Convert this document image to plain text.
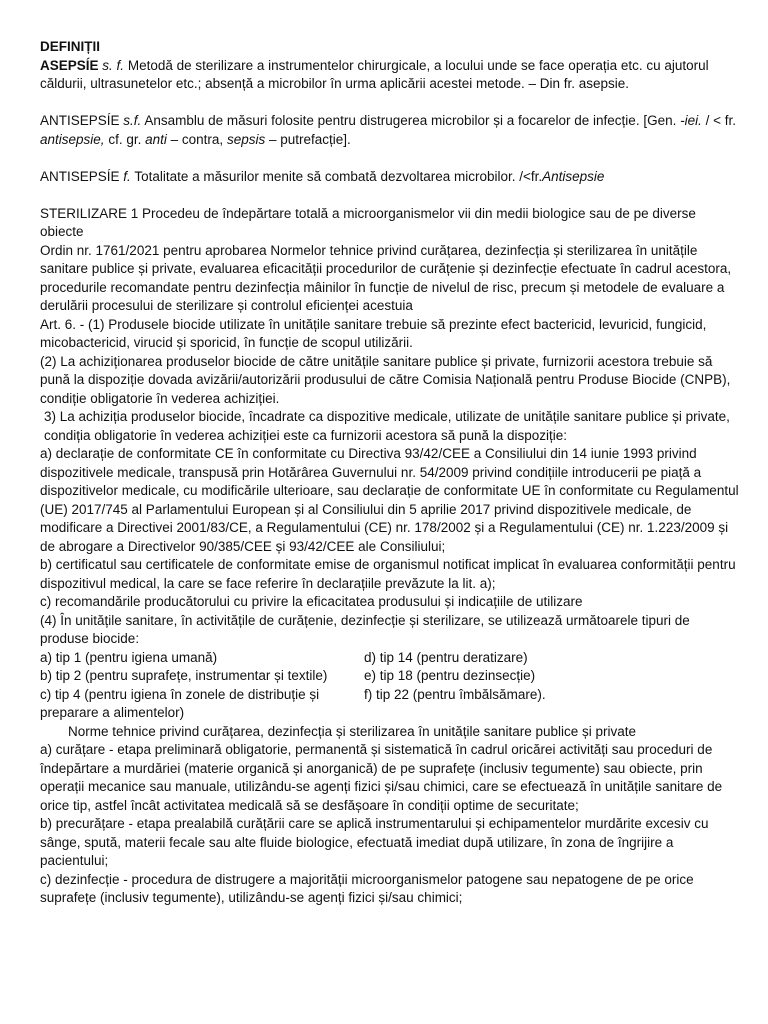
DEFINIȚII

ASEPSÍE s. f. Metodă de sterilizare a instrumentelor chirurgicale, a locului unde se face operația etc. cu ajutorul căldurii, ultrasunetelor etc.; absență a microbilor în urma aplicării acestei metode. – Din fr. asepsie.

ANTISEPSÍE s.f. Ansamblu de măsuri folosite pentru distrugerea microbilor și a focarelor de infecție. [Gen. -iei. / < fr. antisepsie, cf. gr. anti – contra, sepsis – putrefacție].

ANTISEPSÍE f. Totalitate a măsurilor menite să combată dezvoltarea microbilor. /<fr.Antisepsie

STERILIZARE 1 Procedeu de îndepărtare totală a microorganismelor vii din medii biologice sau de pe diverse obiecte

Ordin nr. 1761/2021 pentru aprobarea Normelor tehnice privind curățarea, dezinfecția și sterilizarea în unitățile sanitare publice și private, evaluarea eficacității procedurilor de curățenie și dezinfecție efectuate în cadrul acestora, procedurile recomandate pentru dezinfecția mâinilor în funcție de nivelul de risc, precum și metodele de evaluare a derulării procesului de sterilizare și controlul eficienței acestuia

Art. 6. - (1) Produsele biocide utilizate în unitățile sanitare trebuie să prezinte efect bactericid, levuricid, fungicid, micobactericid, virucid și sporicid, în funcție de scopul utilizării.

(2) La achiziționarea produselor biocide de către unitățile sanitare publice și private, furnizorii acestora trebuie să pună la dispoziție dovada avizării/autorizării produsului de către Comisia Națională pentru Produse Biocide (CNPB), condiție obligatorie în vederea achiziției.

3) La achiziția produselor biocide, încadrate ca dispozitive medicale, utilizate de unitățile sanitare publice și private, condiția obligatorie în vederea achiziției este ca furnizorii acestora să pună la dispoziție:

a) declarație de conformitate CE în conformitate cu Directiva 93/42/CEE a Consiliului din 14 iunie 1993 privind dispozitivele medicale, transpusă prin Hotărârea Guvernului nr. 54/2009 privind condițiile introducerii pe piață a dispozitivelor medicale, cu modificările ulterioare, sau declarație de conformitate UE în conformitate cu Regulamentul (UE) 2017/745 al Parlamentului European și al Consiliului din 5 aprilie 2017 privind dispozitivele medicale, de modificare a Directivei 2001/83/CE, a Regulamentului (CE) nr. 178/2002 și a Regulamentului (CE) nr. 1.223/2009 și de abrogare a Directivelor 90/385/CEE și 93/42/CEE ale Consiliului;

b) certificatul sau certificatele de conformitate emise de organismul notificat implicat în evaluarea conformității pentru dispozitivul medical, la care se face referire în declarațiile prevăzute la lit. a);

c) recomandările producătorului cu privire la eficacitatea produsului și indicațiile de utilizare

(4) În unitățile sanitare, în activitățile de curățenie, dezinfecție și sterilizare, se utilizează următoarele tipuri de produse biocide:

a) tip 1 (pentru igiena umană)	d) tip 14 (pentru deratizare)
b) tip 2 (pentru suprafețe, instrumentar și textile)	e) tip 18 (pentru dezinsecție)
c) tip 4 (pentru igiena în zonele de distribuție și preparare a alimentelor)
f) tip 22 (pentru îmbălsămare).

Norme tehnice privind curățarea, dezinfecția și sterilizarea în unitățile sanitare publice și private

a) curățare - etapa preliminară obligatorie, permanentă și sistematică în cadrul oricărei activități sau proceduri de îndepărtare a murdăriei (materie organică și anorganică) de pe suprafețe (inclusiv tegumente) sau obiecte, prin operații mecanice sau manuale, utilizându-se agenți fizici și/sau chimici, care se efectuează în unitățile sanitare de orice tip, astfel încât activitatea medicală să se desfășoare în condiții optime de securitate;

b) precurățare - etapa prealabilă curățării care se aplică instrumentarului și echipamentelor murdărite excesiv cu sânge, spută, materii fecale sau alte fluide biologice, efectuată imediat după utilizare, în zona de îngrijire a pacientului;

c) dezinfecție - procedura de distrugere a majorității microorganismelor patogene sau nepatogene de pe orice suprafețe (inclusiv tegumente), utilizându-se agenți fizici și/sau chimici;
